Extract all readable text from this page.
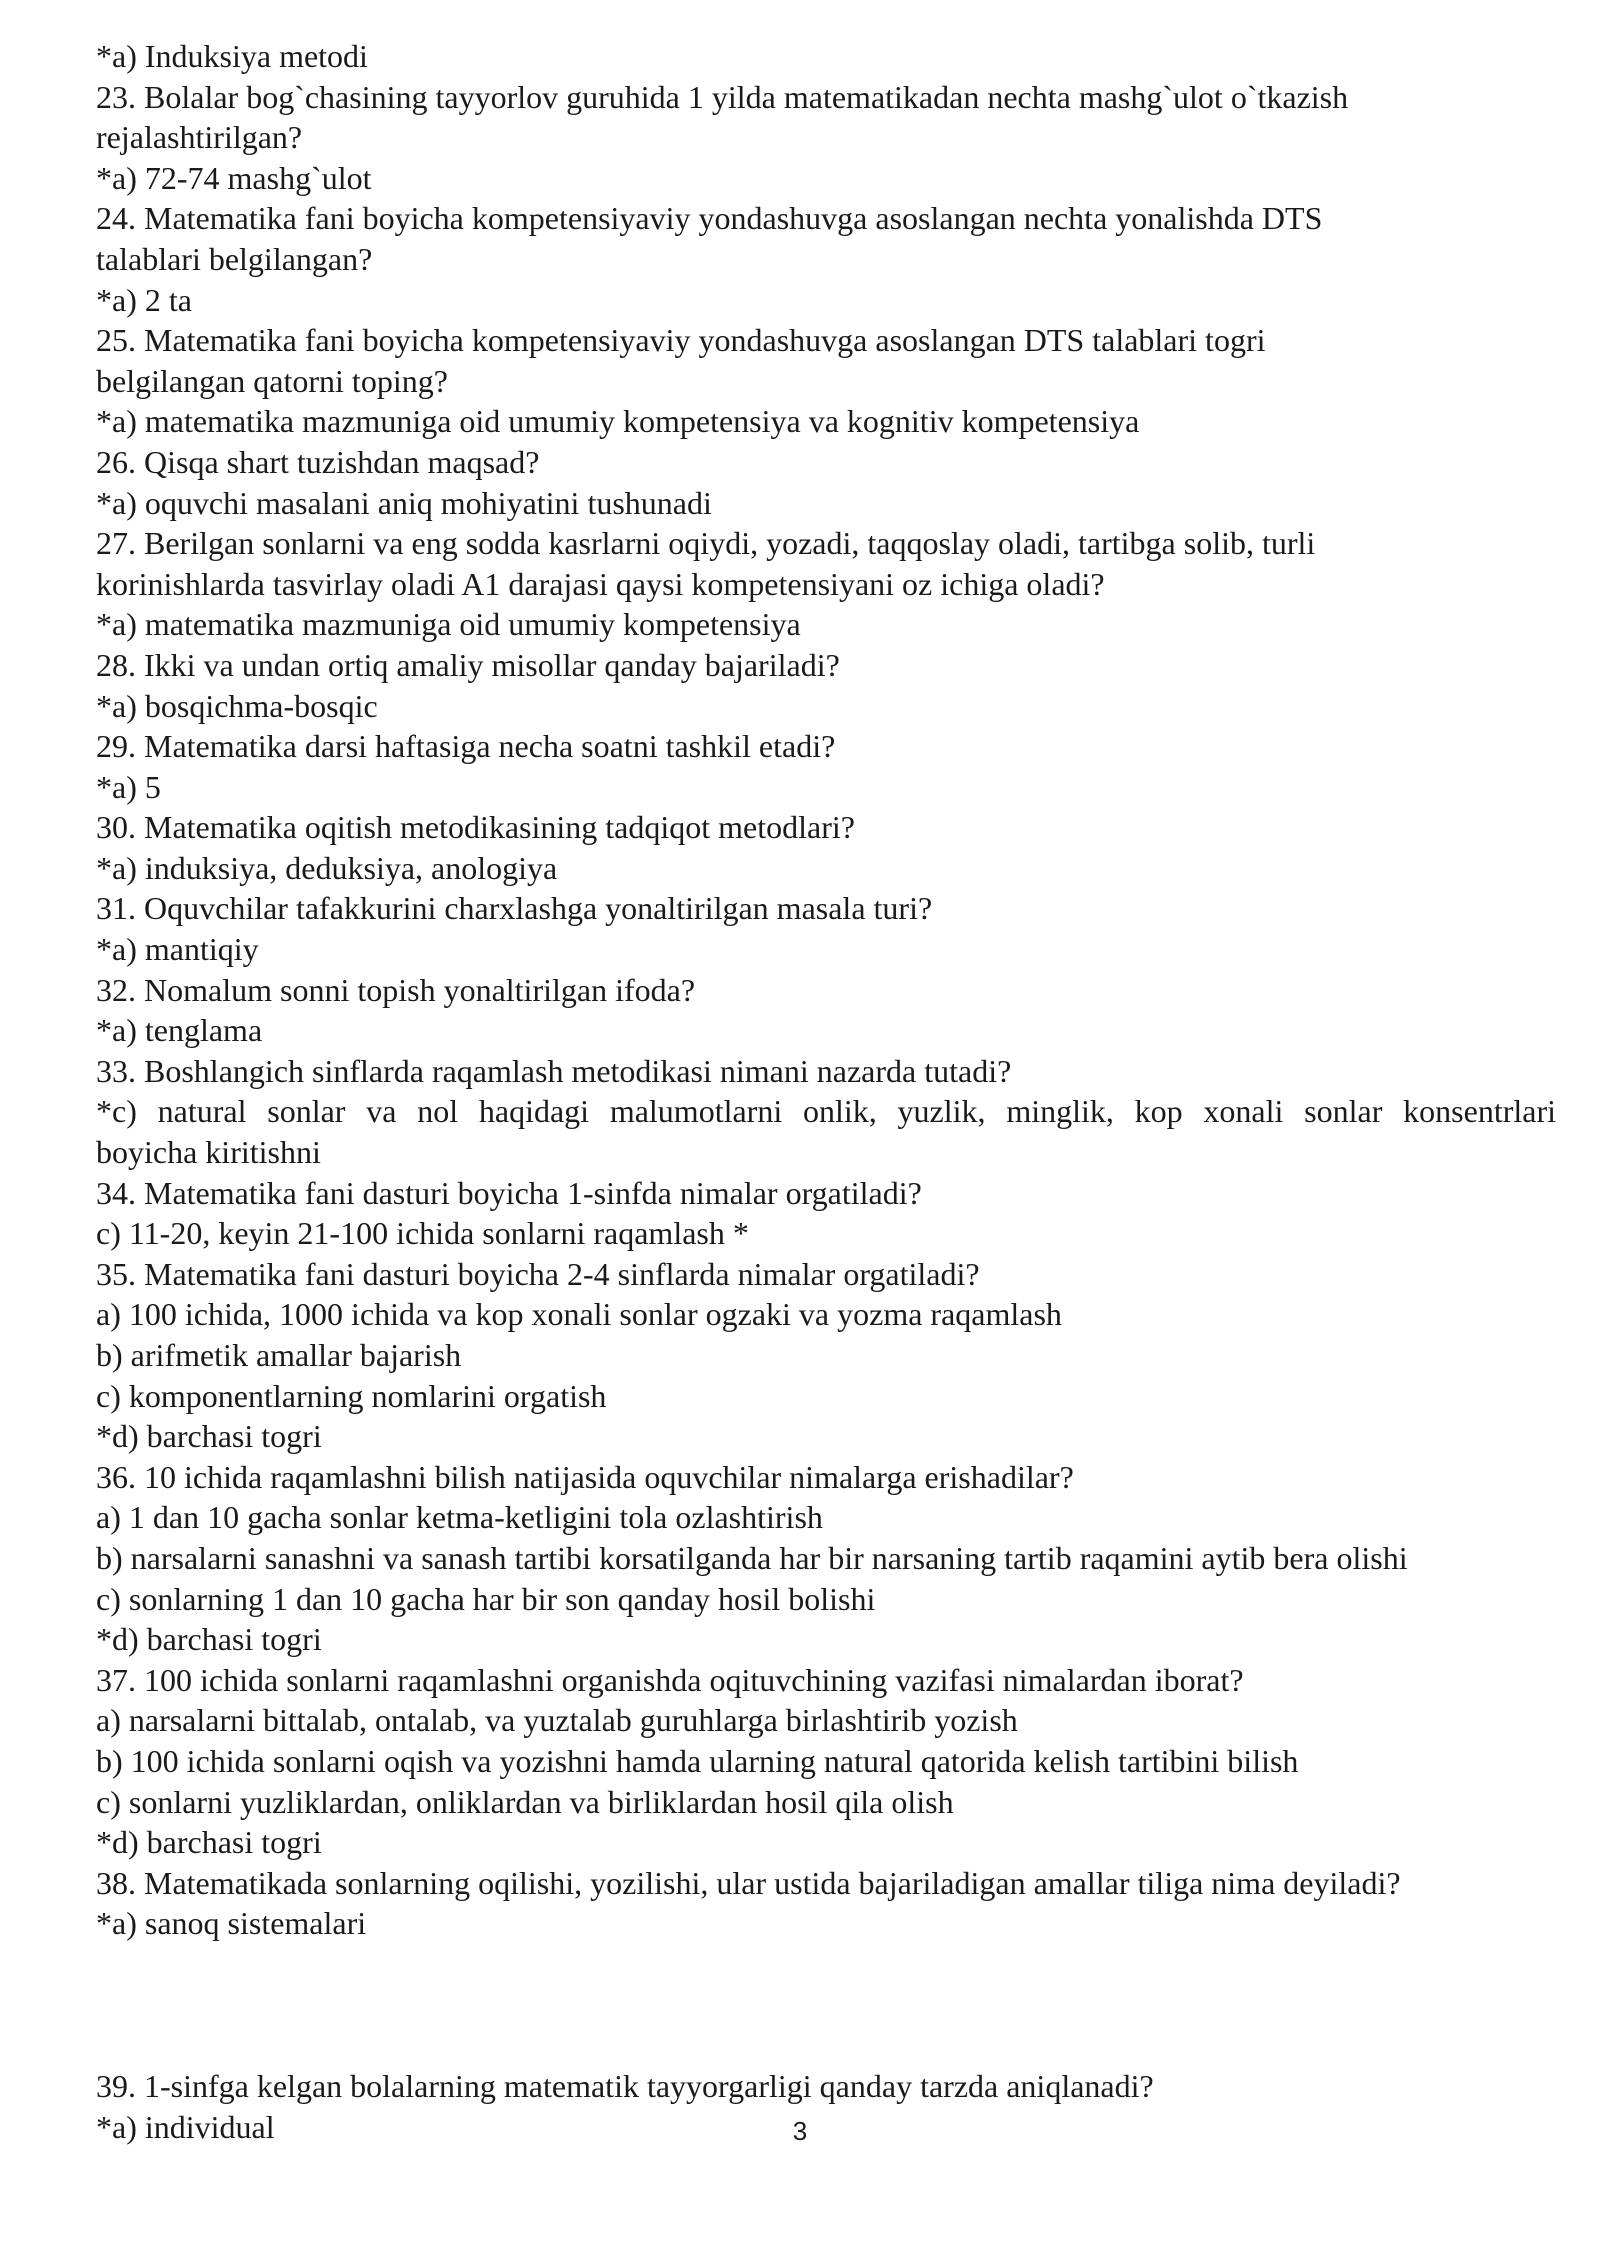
*a) Induksiya metodi
23. Bolalar bog`chasining tayyorlov guruhida 1 yilda matematikadan nechta mashg`ulot o`tkazish
rejalashtirilgan?
*a) 72-74 mashg`ulot
24. Matematika fani boyicha kompetensiyaviy yondashuvga asoslangan nechta yonalishda DTS
talablari belgilangan?
*a) 2 ta
25. Matematika fani boyicha kompetensiyaviy yondashuvga asoslangan DTS talablari togri
belgilangan qatorni toping?
*a) matematika mazmuniga oid umumiy kompetensiya va kognitiv kompetensiya
26. Qisqa shart tuzishdan maqsad?
*a) oquvchi masalani aniq mohiyatini tushunadi
27. Berilgan sonlarni va eng sodda kasrlarni oqiydi, yozadi, taqqoslay oladi, tartibga solib, turli
korinishlarda tasvirlay oladi A1 darajasi qaysi kompetensiyani oz ichiga oladi?
*a) matematika mazmuniga oid umumiy kompetensiya
28. Ikki va undan ortiq amaliy misollar qanday bajariladi?
*a) bosqichma-bosqic
29. Matematika darsi haftasiga necha soatni tashkil etadi?
*a) 5
30. Matematika oqitish metodikasining tadqiqot metodlari?
*a) induksiya, deduksiya, anologiya
31. Oquvchilar tafakkurini charxlashga yonaltirilgan masala turi?
*a) mantiqiy
32. Nomalum sonni topish yonaltirilgan ifoda?
*a) tenglama
33. Boshlangich sinflarda raqamlash metodikasi nimani nazarda tutadi?
*c) natural sonlar va nol haqidagi malumotlarni onlik, yuzlik, minglik, kop xonali sonlar konsentrlari
boyicha kiritishni
34. Matematika fani dasturi boyicha 1-sinfda nimalar orgatiladi?
c) 11-20, keyin 21-100 ichida sonlarni raqamlash *
35. Matematika fani dasturi boyicha 2-4 sinflarda nimalar orgatiladi?
a) 100 ichida, 1000 ichida va kop xonali sonlar ogzaki va yozma raqamlash
b) arifmetik amallar bajarish
c) komponentlarning nomlarini orgatish
*d) barchasi togri
36. 10 ichida raqamlashni bilish natijasida oquvchilar nimalarga erishadilar?
a) 1 dan 10 gacha sonlar ketma-ketligini tola ozlashtirish
b) narsalarni sanashni va sanash tartibi korsatilganda har bir narsaning tartib raqamini aytib bera olishi
c) sonlarning 1 dan 10 gacha har bir son qanday hosil bolishi
*d) barchasi togri
37. 100 ichida sonlarni raqamlashni organishda oqituvchining vazifasi nimalardan iborat?
a) narsalarni bittalab, ontalab, va yuztalab guruhlarga birlashtirib yozish
b) 100 ichida sonlarni oqish va yozishni hamda ularning natural qatorida kelish tartibini bilish
c) sonlarni yuzliklardan, onliklardan va birliklardan hosil qila olish
*d) barchasi togri
38. Matematikada sonlarning oqilishi, yozilishi, ular ustida bajariladigan amallar tiliga nima deyiladi?
*a) sanoq sistemalari
39. 1-sinfga kelgan bolalarning matematik tayyorgarligi qanday tarzda aniqlanadi?
*a) individual	3
